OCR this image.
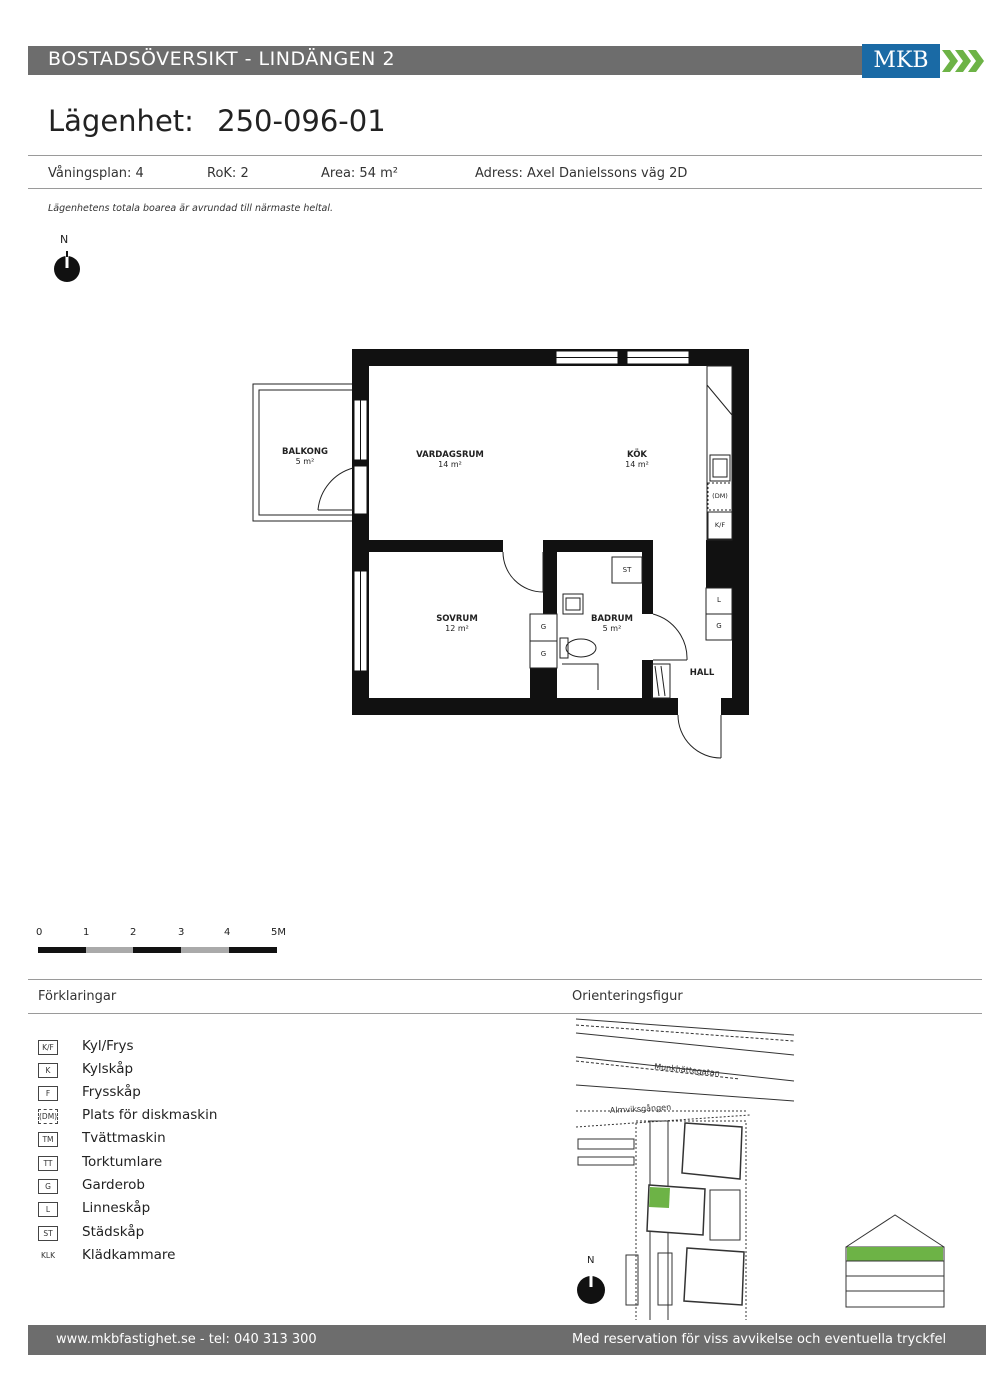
BOSTADSÖVERSIKT - LINDÄNGEN 2	MKB
Lägenhet: 250-096-01
Våningsplan: 4	RoK: 2	Area: 54 m²	Adress: Axel Danielssons väg 2D
Lägenhetens totala boarea är avrundad till närmaste heltal.
N
BALKONG
5 m²
VARDAGSRUM
14 m²
KÖK
14 m²
SOVRUM
12 m²
BADRUM
5 m²
HALL
(DM)
K/F
ST
L
G
G
G
0	1	2	3	4	5M
Förklaringar	Orienteringsfigur
K/F	Kyl/Frys
K	Kylskåp
F	Frysskåp
(DM) Plats för diskmaskin
TM	Tvättmaskin
TT	Torktumlare
G	Garderob
L	Linneskåp
ST	Städskåp
KLK Klädkammare
Munkhättegatan
Almviksgången
N
www.mkbfastighet.se - tel: 040 313 300	Med reservation för viss avvikelse och eventuella tryckfel
